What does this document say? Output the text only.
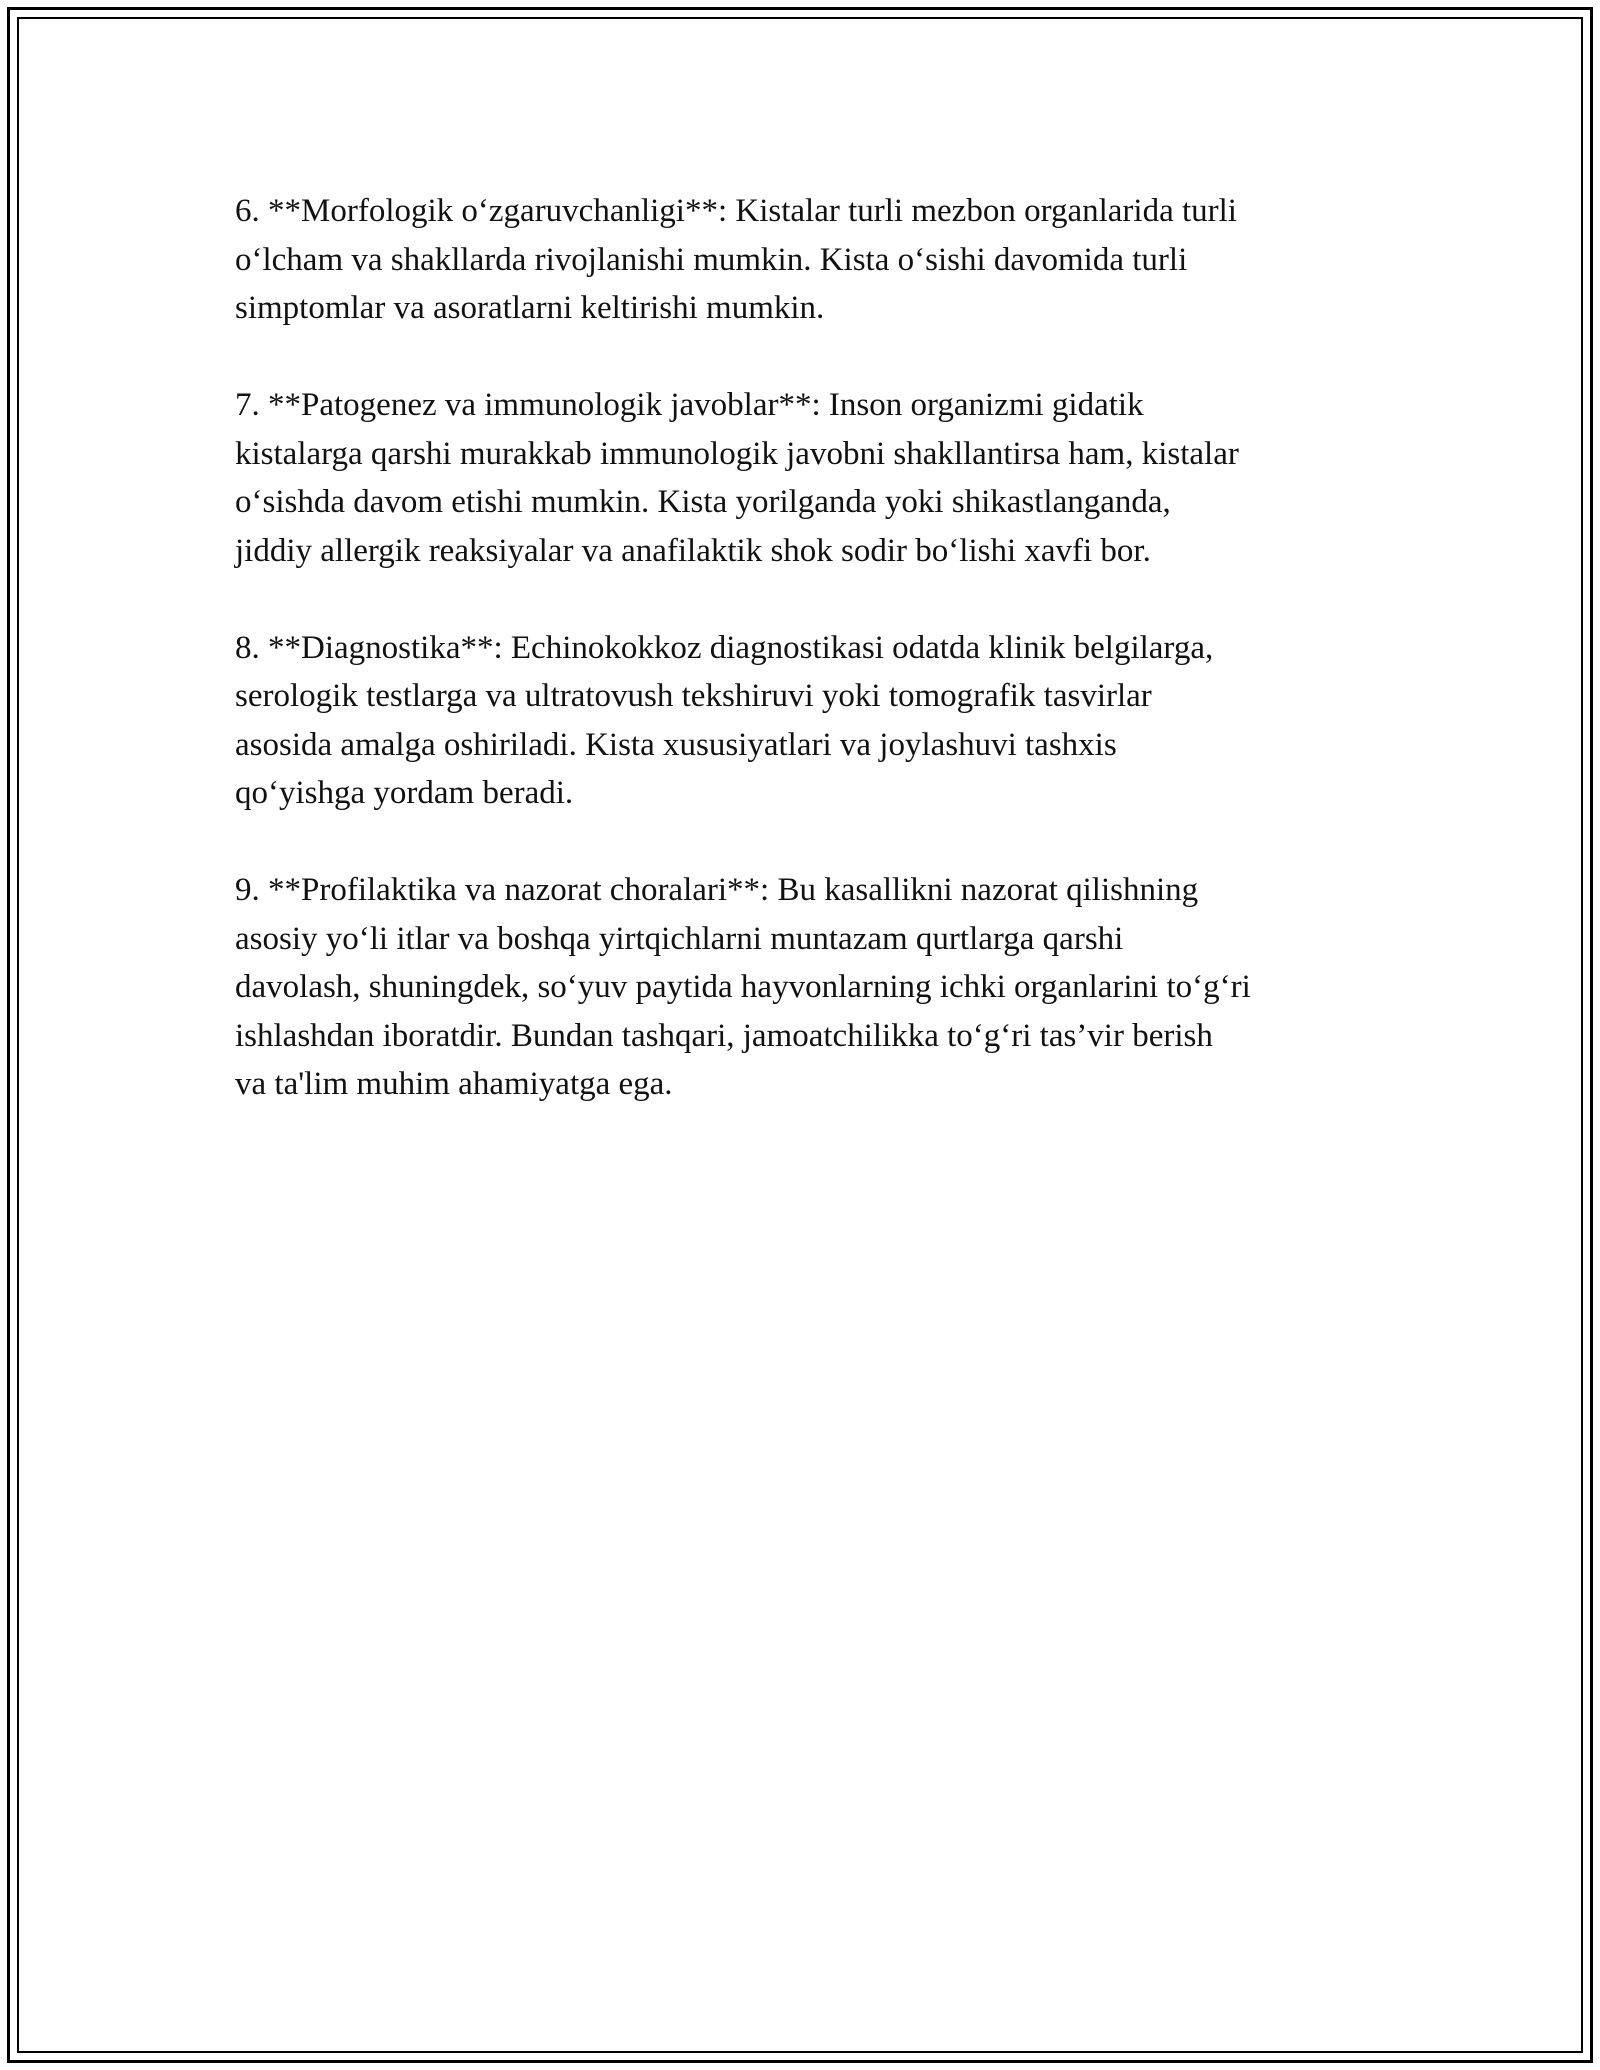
6. **Morfologik o‘zgaruvchanligi**: Kistalar turli mezbon organlarida turli
o‘lcham va shakllarda rivojlanishi mumkin. Kista o‘sishi davomida turli
simptomlar va asoratlarni keltirishi mumkin.

7. **Patogenez va immunologik javoblar**: Inson organizmi gidatik
kistalarga qarshi murakkab immunologik javobni shakllantirsa ham, kistalar
o‘sishda davom etishi mumkin. Kista yorilganda yoki shikastlanganda,
jiddiy allergik reaksiyalar va anafilaktik shok sodir bo‘lishi xavfi bor.

8. **Diagnostika**: Echinokokkoz diagnostikasi odatda klinik belgilarga,
serologik testlarga va ultratovush tekshiruvi yoki tomografik tasvirlar
asosida amalga oshiriladi. Kista xususiyatlari va joylashuvi tashxis
qo‘yishga yordam beradi.

9. **Profilaktika va nazorat choralari**: Bu kasallikni nazorat qilishning
asosiy yo‘li itlar va boshqa yirtqichlarni muntazam qurtlarga qarshi
davolash, shuningdek, so‘yuv paytida hayvonlarning ichki organlarini to‘g‘ri
ishlashdan iboratdir. Bundan tashqari, jamoatchilikka to‘g‘ri tas’vir berish
va ta'lim muhim ahamiyatga ega.
